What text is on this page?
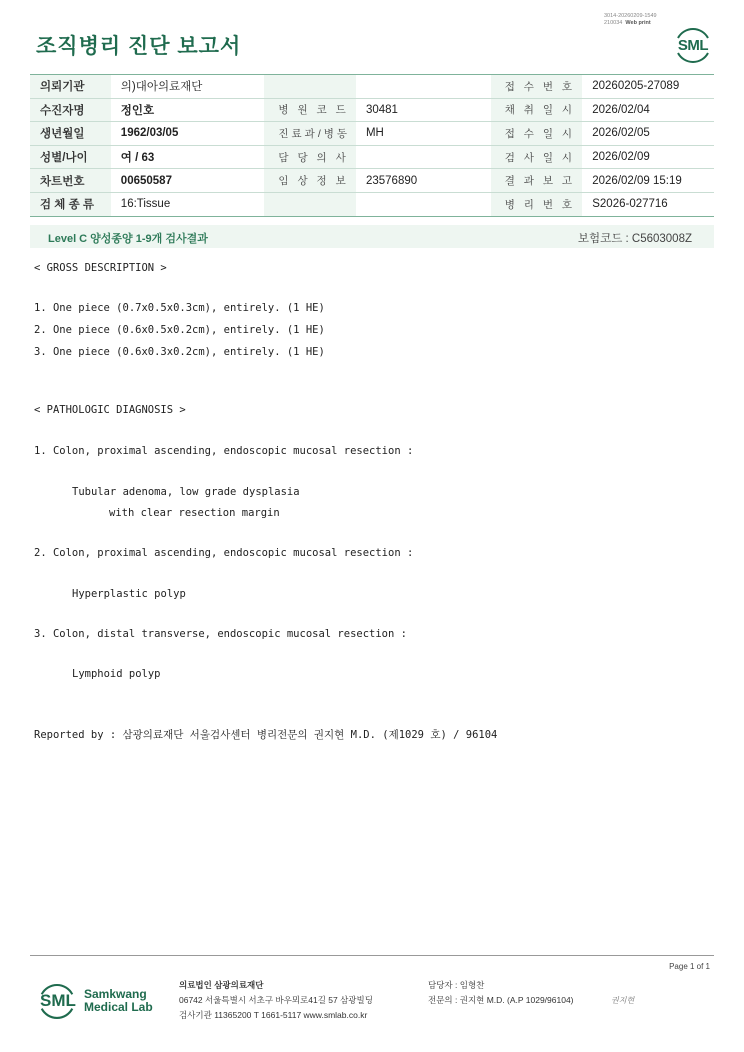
조직병리 진단 보고서
3014-20260209-1549
210034 Web print
SML
의뢰기관	의)대아의료재단			접 수 번 호	20260205-27089
수진자명	정인호	병 원 코 드	30481	채 취 일 시	2026/02/04
생년월일	1962/03/05	진료과/병동	MH	접 수 일 시	2026/02/05
성별/나이	여 / 63	담 당 의 사		검 사 일 시	2026/02/09
차트번호	00650587	임 상 정 보	23576890	결 과 보 고	2026/02/09 15:19
검 체 종 류	16:Tissue			병 리 번 호	S2026-027716
Level C 양성종양 1-9개 검사결과	보험코드 : C5603008Z
< GROSS DESCRIPTION >
1. One piece (0.7x0.5x0.3cm), entirely. (1 HE)
2. One piece (0.6x0.5x0.2cm), entirely. (1 HE)
3. One piece (0.6x0.3x0.2cm), entirely. (1 HE)
< PATHOLOGIC DIAGNOSIS >
1. Colon, proximal ascending, endoscopic mucosal resection :
Tubular adenoma, low grade dysplasia
with clear resection margin
2. Colon, proximal ascending, endoscopic mucosal resection :
Hyperplastic polyp
3. Colon, distal transverse, endoscopic mucosal resection :
Lymphoid polyp
Reported by : 삼광의료재단 서울검사센터 병리전문의 권지현 M.D. (제1029 호) / 96104
Page 1 of 1
SML Samkwang
Medical Lab
의료법인 삼광의료재단
06742 서울특별시 서초구 바우뫼로41길 57 삼광빌딩
검사기관 11365200 T 1661-5117 www.smlab.co.kr
담당자 : 임형찬
전문의 : 권지현 M.D. (A.P 1029/96104)	권지현
